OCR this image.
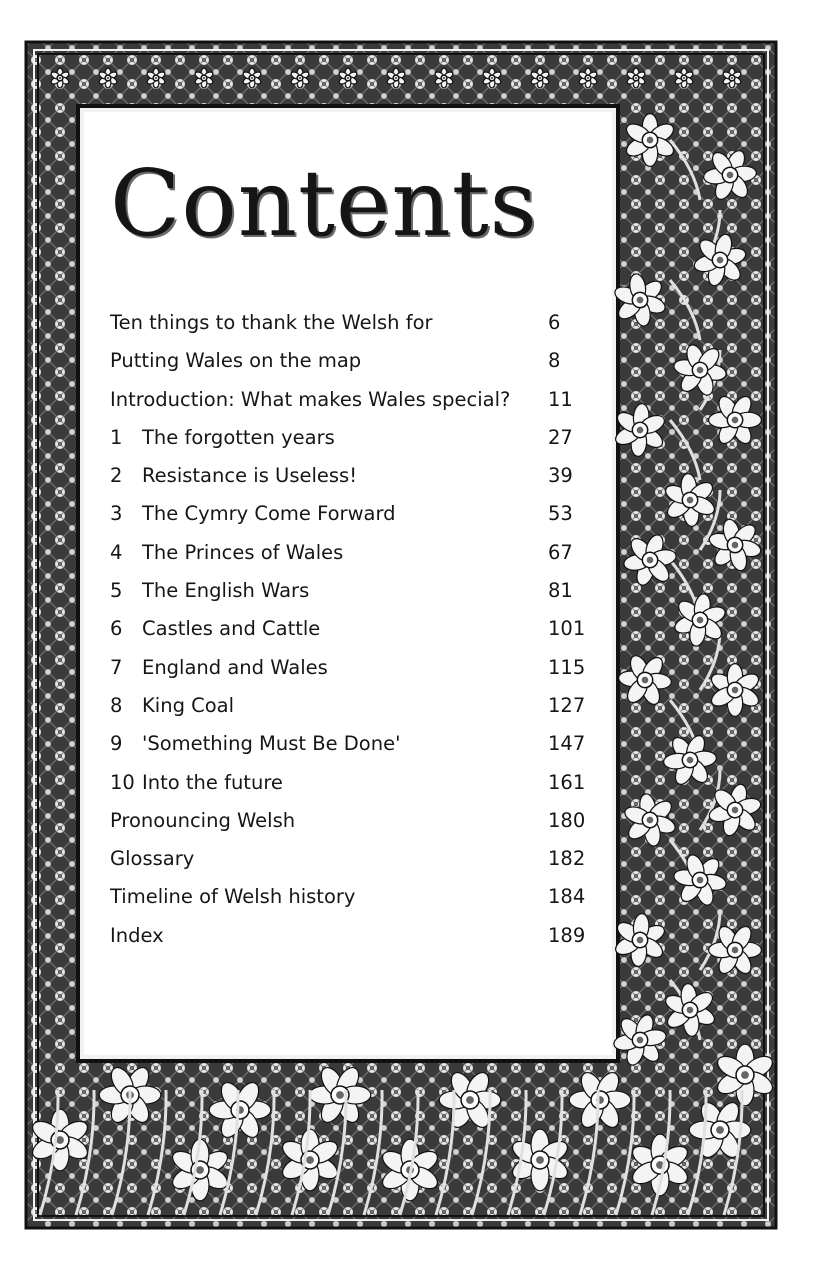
Contents
Ten things to thank the Welsh for	6
Putting Wales on the map	8
Introduction: What makes Wales special? 11
1 The forgotten years	27
2 Resistance is Useless!	39
3 The Cymry Come Forward	53
4 The Princes of Wales	67
5 The English Wars	81
6 Castles and Cattle	101
7 England and Wales	115
8 King Coal	127
9 'Something Must Be Done'	147
10 Into the future	161
Pronouncing Welsh	180
Glossary	182
Timeline of Welsh history	184
Index	189
